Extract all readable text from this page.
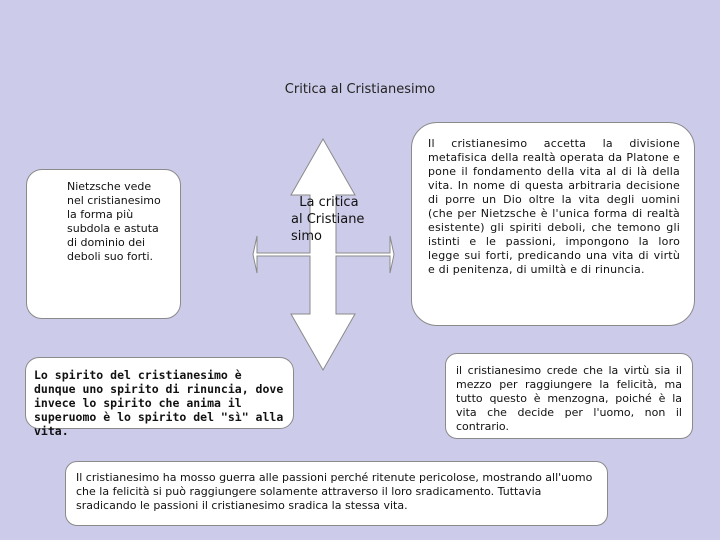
Critica al Cristianesimo
La critica al Cristianesimo
Nietzsche vede nel cristianesimo la forma più subdola e astuta di dominio dei deboli suo forti.
Il cristianesimo accetta la divisione metafisica della realtà operata da Platone e pone il fondamento della vita al di là della vita. In nome di questa arbitraria decisione di porre un Dio oltre la vita degli uomini (che per Nietzsche è l'unica forma di realtà esistente) gli spiriti deboli, che temono gli istinti e le passioni, impongono la loro legge sui forti, predicando una vita di virtù e di penitenza, di umiltà e di rinuncia.
Lo spirito del cristianesimo è dunque uno spirito di rinuncia, dove invece lo spirito che anima il superuomo è lo spirito del "sì" alla vita.
il cristianesimo crede che la virtù sia il mezzo per raggiungere la felicità, ma tutto questo è menzogna, poiché è la vita che decide per l'uomo, non il contrario.
Il cristianesimo ha mosso guerra alle passioni perché ritenute pericolose, mostrando all'uomo che la felicità si può raggiungere solamente attraverso il loro sradicamento. Tuttavia sradicando le passioni il cristianesimo sradica la stessa vita.
